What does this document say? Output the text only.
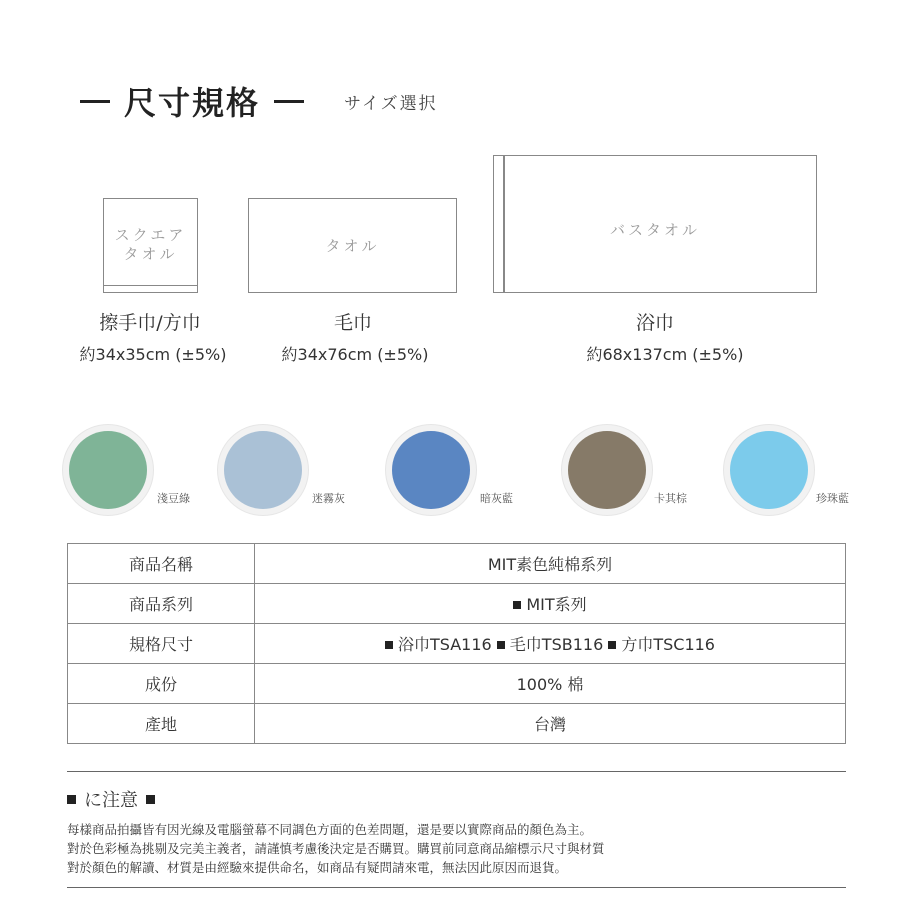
尺寸規格	サイズ選択
スクエア
タオル
擦手巾/方巾
約34x35cm (±5%)
タオル
毛巾
約34x76cm (±5%)
バスタオル
浴巾
約68x137cm (±5%)
淺豆綠	迷霧灰	暗灰藍	卡其棕	珍珠藍
商品名稱	MIT素色純棉系列
商品系列	MIT系列
規格尺寸	浴巾TSA116 毛巾TSB116 方巾TSC116
成份	100% 棉
產地	台灣
に注意
每樣商品拍攝皆有因光線及電腦螢幕不同調色方面的色差問題，還是要以實際商品的顏色為主。
對於色彩極為挑剔及完美主義者，請謹慎考慮後決定是否購買。購買前同意商品縮標示尺寸與材質
對於顏色的解讀、材質是由經驗來提供命名，如商品有疑問請來電，無法因此原因而退貨。
